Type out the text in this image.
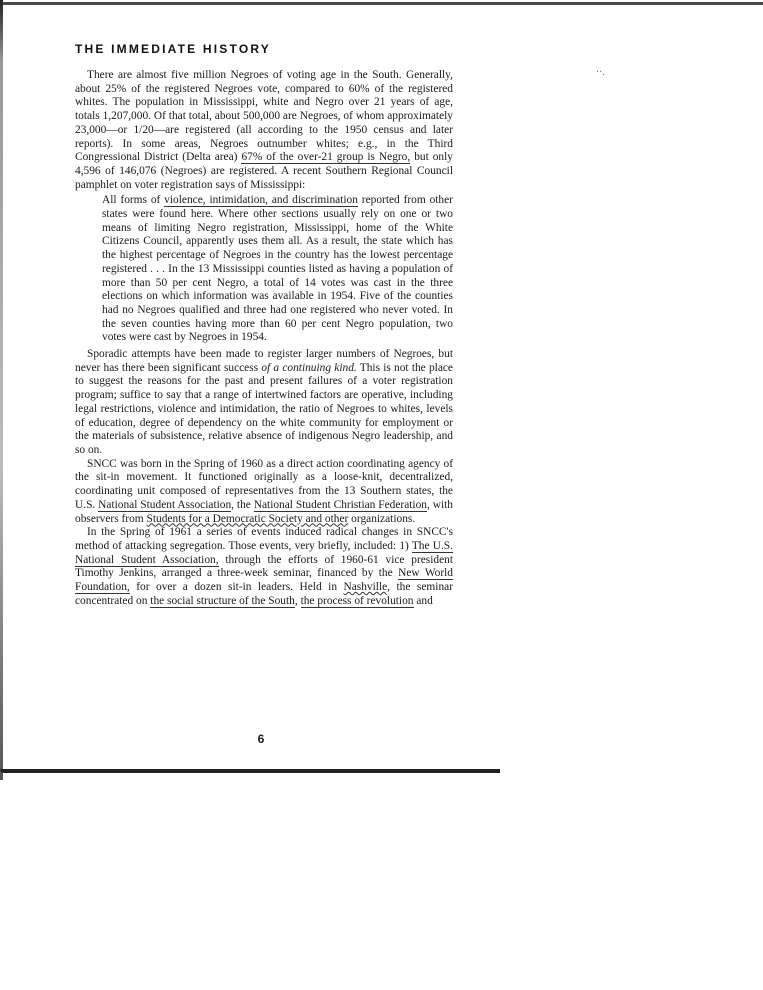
‧‧.
THE IMMEDIATE HISTORY

There are almost five million Negroes of voting age in the South. Generally, about 25% of the registered Negroes vote, compared to 60% of the registered whites. The population in Mississippi, white and Negro over 21 years of age, totals 1,207,000. Of that total, about 500,000 are Negroes, of whom approximately 23,000—or 1/20—are registered (all according to the 1950 census and later reports). In some areas, Negroes outnumber whites; e.g., in the Third Congressional District (Delta area) 67% of the over-21 group is Negro, but only 4,596 of 146,076 (Negroes) are registered. A recent Southern Regional Council pamphlet on voter registration says of Mississippi:

All forms of violence, intimidation, and discrimination reported from other states were found here. Where other sections usually rely on one or two means of limiting Negro registration, Mississippi, home of the White Citizens Council, apparently uses them all. As a result, the state which has the highest percentage of Negroes in the country has the lowest percentage registered . . . In the 13 Mississippi counties listed as having a population of more than 50 per cent Negro, a total of 14 votes was cast in the three elections on which information was available in 1954. Five of the counties had no Negroes qualified and three had one registered who never voted. In the seven counties having more than 60 per cent Negro population, two votes were cast by Negroes in 1954.

Sporadic attempts have been made to register larger numbers of Negroes, but never has there been significant success of a continuing kind. This is not the place to suggest the reasons for the past and present failures of a voter registration program; suffice to say that a range of intertwined factors are operative, including legal restrictions, violence and intimidation, the ratio of Negroes to whites, levels of education, degree of dependency on the white community for employment or the materials of subsistence, relative absence of indigenous Negro leadership, and so on.

SNCC was born in the Spring of 1960 as a direct action coordinating agency of the sit-in movement. It functioned originally as a loose-knit, decentralized, coordinating unit composed of representatives from the 13 Southern states, the U.S. National Student Association, the National Student Christian Federation, with observers from Students for a Democratic Society and other organizations.

In the Spring of 1961 a series of events induced radical changes in SNCC's method of attacking segregation. Those events, very briefly, included: 1) The U.S. National Student Association, through the efforts of 1960-61 vice president Timothy Jenkins, arranged a three-week seminar, financed by the New World Foundation, for over a dozen sit-in leaders. Held in Nashville, the seminar concentrated on the social structure of the South, the process of revolution and

6
